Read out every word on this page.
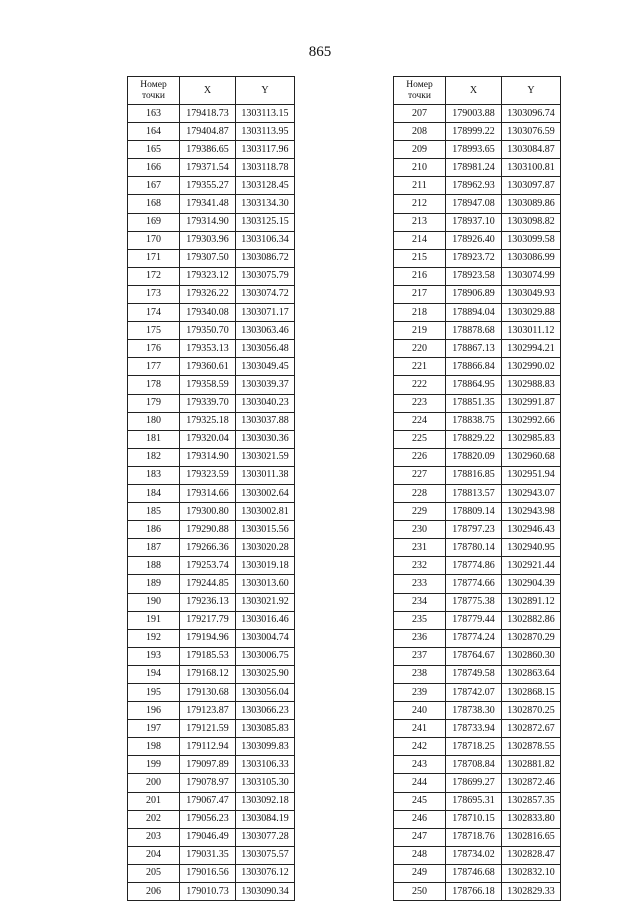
865
Номер
точки	X	Y
163	179418.73	1303113.15
164	179404.87	1303113.95
165	179386.65	1303117.96
166	179371.54	1303118.78
167	179355.27	1303128.45
168	179341.48	1303134.30
169	179314.90	1303125.15
170	179303.96	1303106.34
171	179307.50	1303086.72
172	179323.12	1303075.79
173	179326.22	1303074.72
174	179340.08	1303071.17
175	179350.70	1303063.46
176	179353.13	1303056.48
177	179360.61	1303049.45
178	179358.59	1303039.37
179	179339.70	1303040.23
180	179325.18	1303037.88
181	179320.04	1303030.36
182	179314.90	1303021.59
183	179323.59	1303011.38
184	179314.66	1303002.64
185	179300.80	1303002.81
186	179290.88	1303015.56
187	179266.36	1303020.28
188	179253.74	1303019.18
189	179244.85	1303013.60
190	179236.13	1303021.92
191	179217.79	1303016.46
192	179194.96	1303004.74
193	179185.53	1303006.75
194	179168.12	1303025.90
195	179130.68	1303056.04
196	179123.87	1303066.23
197	179121.59	1303085.83
198	179112.94	1303099.83
199	179097.89	1303106.33
200	179078.97	1303105.30
201	179067.47	1303092.18
202	179056.23	1303084.19
203	179046.49	1303077.28
204	179031.35	1303075.57
205	179016.56	1303076.12
206	179010.73	1303090.34
Номер
точки	X	Y
207	179003.88	1303096.74
208	178999.22	1303076.59
209	178993.65	1303084.87
210	178981.24	1303100.81
211	178962.93	1303097.87
212	178947.08	1303089.86
213	178937.10	1303098.82
214	178926.40	1303099.58
215	178923.72	1303086.99
216	178923.58	1303074.99
217	178906.89	1303049.93
218	178894.04	1303029.88
219	178878.68	1303011.12
220	178867.13	1302994.21
221	178866.84	1302990.02
222	178864.95	1302988.83
223	178851.35	1302991.87
224	178838.75	1302992.66
225	178829.22	1302985.83
226	178820.09	1302960.68
227	178816.85	1302951.94
228	178813.57	1302943.07
229	178809.14	1302943.98
230	178797.23	1302946.43
231	178780.14	1302940.95
232	178774.86	1302921.44
233	178774.66	1302904.39
234	178775.38	1302891.12
235	178779.44	1302882.86
236	178774.24	1302870.29
237	178764.67	1302860.30
238	178749.58	1302863.64
239	178742.07	1302868.15
240	178738.30	1302870.25
241	178733.94	1302872.67
242	178718.25	1302878.55
243	178708.84	1302881.82
244	178699.27	1302872.46
245	178695.31	1302857.35
246	178710.15	1302833.80
247	178718.76	1302816.65
248	178734.02	1302828.47
249	178746.68	1302832.10
250	178766.18	1302829.33
